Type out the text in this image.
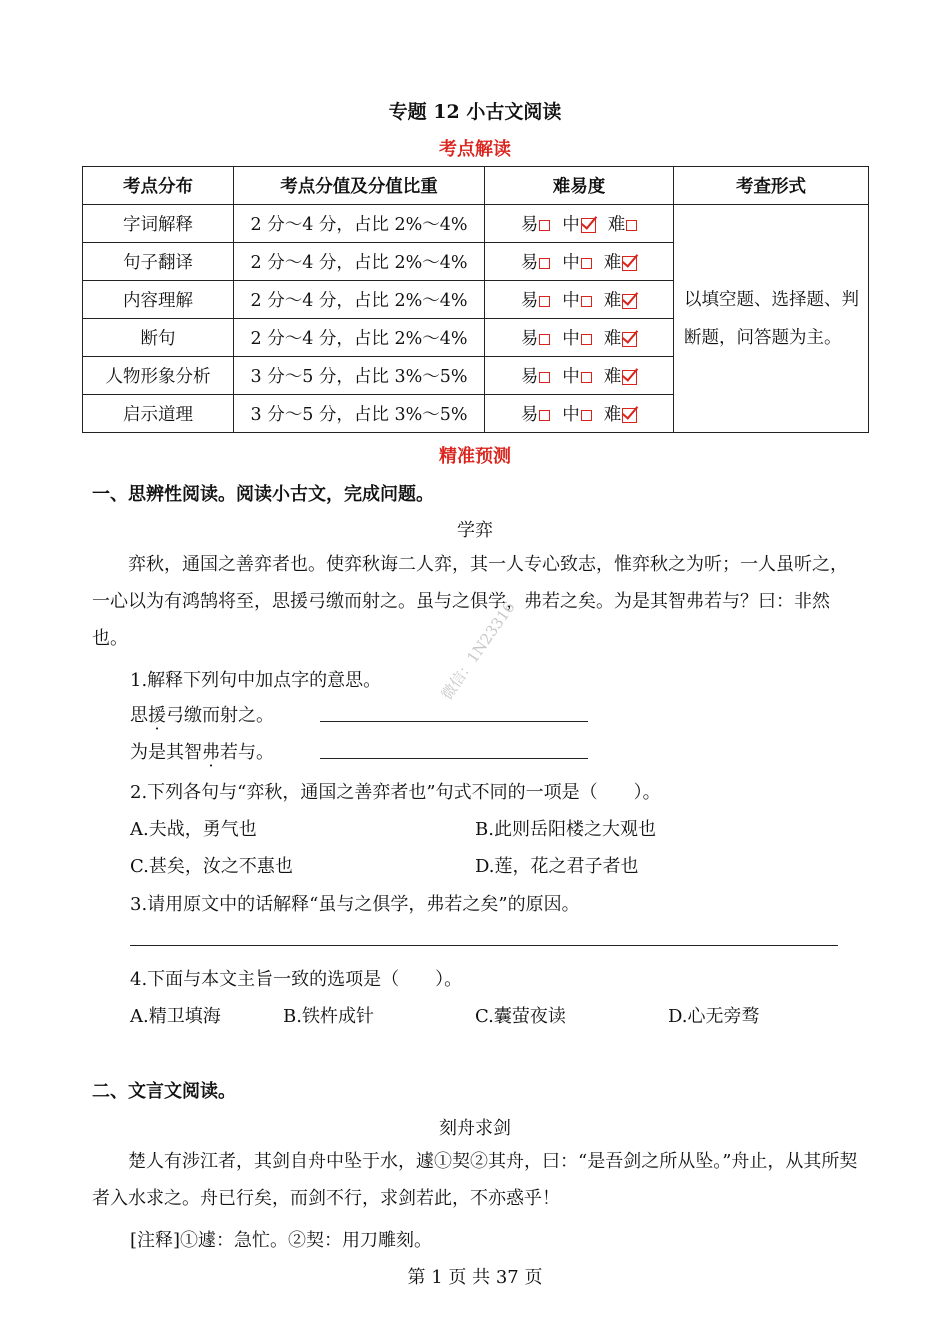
专题 12 小古文阅读
考点解读
考点分布	考点分值及分值比重	难易度	考查形式
字词解释	2 分～4 分，占比 2%～4%	易 中 难	以填空题、选择题、判断题，问答题为主。
句子翻译	2 分～4 分，占比 2%～4%	易 中 难	
内容理解	2 分～4 分，占比 2%～4%	易 中 难	
断句	2 分～4 分，占比 2%～4%	易 中 难	
人物形象分析	3 分～5 分，占比 3%～5%	易 中 难	
启示道理	3 分～5 分，占比 3%～5%	易 中 难	
精准预测
一、思辨性阅读。阅读小古文，完成问题。
学弈
弈秋，通国之善弈者也。使弈秋诲二人弈，其一人专心致志，惟弈秋之为听；一人虽听之，一心以为有鸿鹄将至，思援弓缴而射之。虽与之俱学，弗若之矣。为是其智弗若与？曰：非然也。	微信：1N23316
1.解释下列句中加点字的意思。
思援弓缴而射之。
为是其智弗若与。
2.下列各句与“弈秋，通国之善弈者也”句式不同的一项是（　　）。
A.夫战，勇气也	B.此则岳阳楼之大观也
C.甚矣，汝之不惠也	D.莲，花之君子者也
3.请用原文中的话解释“虽与之俱学，弗若之矣”的原因。
4.下面与本文主旨一致的选项是（　　）。
A.精卫填海	B.铁杵成针	C.囊萤夜读	D.心无旁骛
二、文言文阅读。
刻舟求剑
楚人有涉江者，其剑自舟中坠于水，遽①契②其舟，曰：“是吾剑之所从坠。”舟止，从其所契者入水求之。舟已行矣，而剑不行，求剑若此，不亦惑乎！
[注释]①遽：急忙。②契：用刀雕刻。
第 1 页 共 37 页
